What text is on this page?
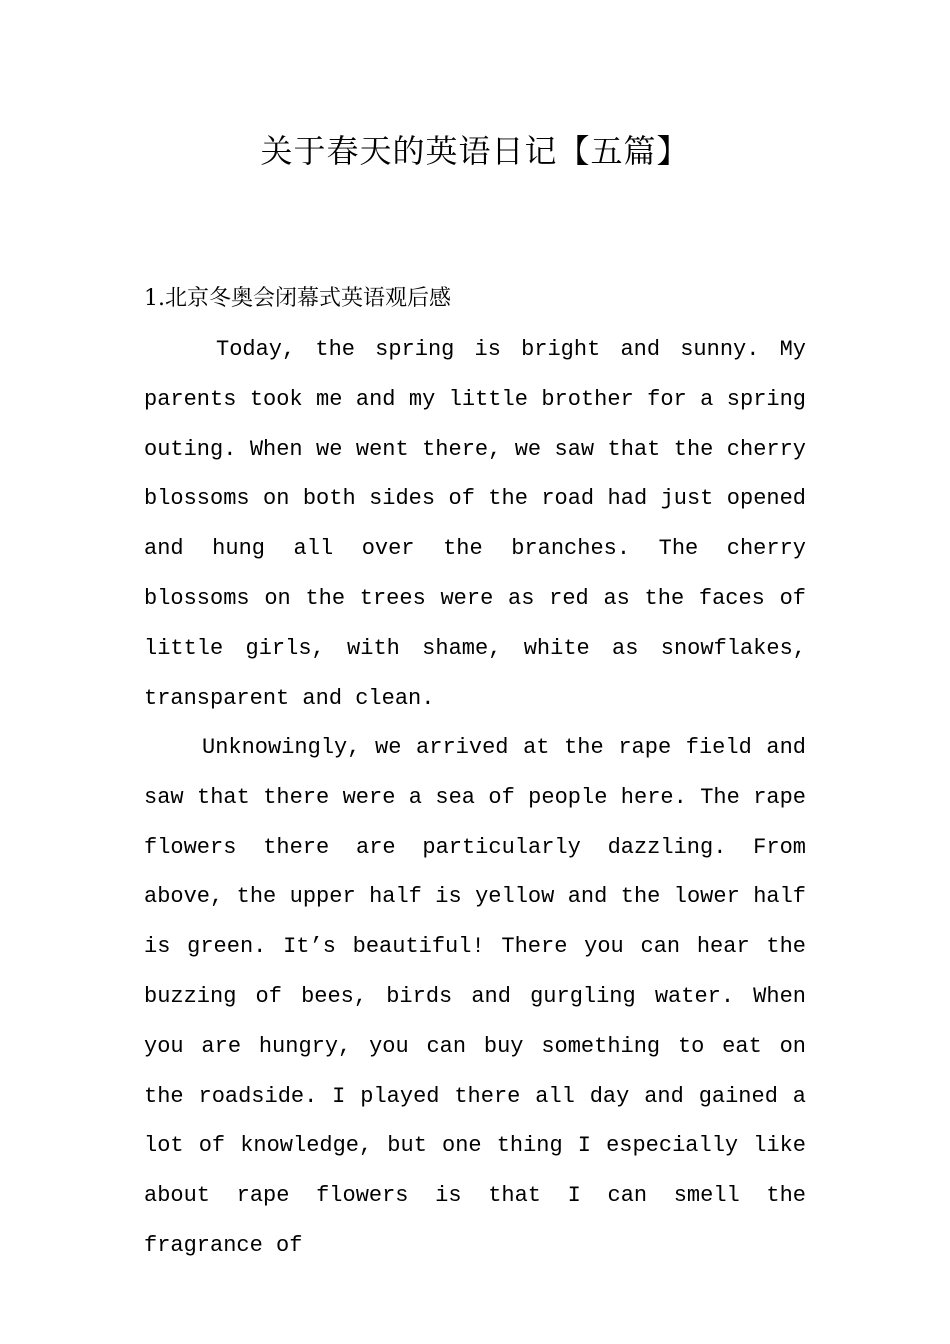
关于春天的英语日记【五篇】
1.北京冬奥会闭幕式英语观后感

Today, the spring is bright and sunny. My parents took me and my little brother for a spring outing. When we went there, we saw that the cherry blossoms on both sides of the road had just opened and hung all over the branches. The cherry blossoms on the trees were as red as the faces of little girls, with shame, white as snowflakes, transparent and clean.

Unknowingly, we arrived at the rape field and saw that there were a sea of people here. The rape flowers there are particularly dazzling. From above, the upper half is yellow and the lower half is green. It’s beautiful! There you can hear the buzzing of bees, birds and gurgling water. When you are hungry, you can buy something to eat on the roadside. I played there all day and gained a lot of knowledge, but one thing I especially like about rape flowers is that I can smell the fragrance of
